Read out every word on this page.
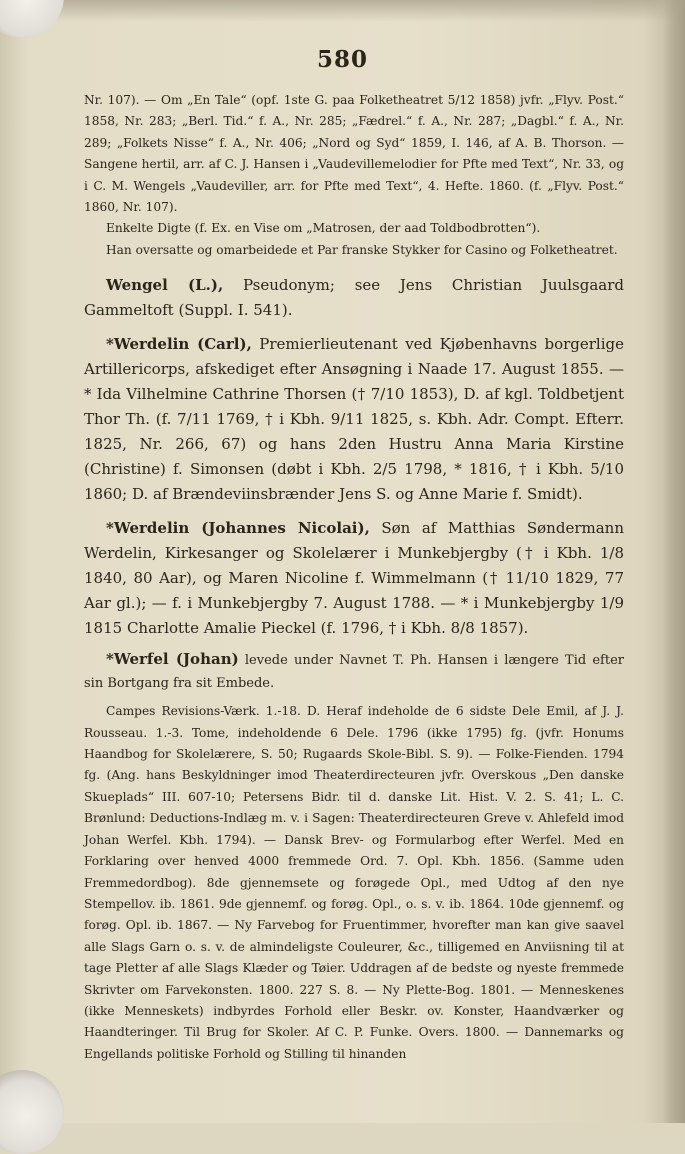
580

Nr. 107). — Om „En Tale“ (opf. 1ste G. paa Folketheatret 5/12 1858) jvfr. „Flyv. Post.“ 1858, Nr. 283; „Berl. Tid.“ f. A., Nr. 285; „Fædrel.“ f. A., Nr. 287; „Dagbl.“ f. A., Nr. 289; „Folkets Nisse“ f. A., Nr. 406; „Nord og Syd“ 1859, I. 146, af A. B. Thorson. — Sangene hertil, arr. af C. J. Hansen i „Vaudevillemelodier for Pfte med Text“, Nr. 33, og i C. M. Wengels „Vaudeviller, arr. for Pfte med Text“, 4. Hefte. 1860. (f. „Flyv. Post.“ 1860, Nr. 107).

Enkelte Digte (f. Ex. en Vise om „Matrosen, der aad Toldbodbrotten“).

Han oversatte og omarbeidede et Par franske Stykker for Casino og Folketheatret.

Wengel (L.), Pseudonym; see Jens Christian Juulsgaard Gammeltoft (Suppl. I. 541).

*Werdelin (Carl), Premierlieutenant ved Kjøbenhavns borgerlige Artillericorps, afskediget efter Ansøgning i Naade 17. August 1855. — * Ida Vilhelmine Cathrine Thorsen († 7/10 1853), D. af kgl. Toldbetjent Thor Th. (f. 7/11 1769, † i Kbh. 9/11 1825, s. Kbh. Adr. Compt. Efterr. 1825, Nr. 266, 67) og hans 2den Hustru Anna Maria Kirstine (Christine) f. Simonsen (døbt i Kbh. 2/5 1798, * 1816, † i Kbh. 5/10 1860; D. af Brændeviinsbrænder Jens S. og Anne Marie f. Smidt).

*Werdelin (Johannes Nicolai), Søn af Matthias Søndermann Werdelin, Kirkesanger og Skolelærer i Munkebjergby († i Kbh. 1/8 1840, 80 Aar), og Maren Nicoline f. Wimmelmann († 11/10 1829, 77 Aar gl.); — f. i Munkebjergby 7. August 1788. — * i Munkebjergby 1/9 1815 Charlotte Amalie Pieckel (f. 1796, † i Kbh. 8/8 1857).

*Werfel (Johan) levede under Navnet T. Ph. Hansen i længere Tid efter sin Bortgang fra sit Embede.

Campes Revisions-Værk. 1.-18. D. Heraf indeholde de 6 sidste Dele Emil, af J. J. Rousseau. 1.-3. Tome, indeholdende 6 Dele. 1796 (ikke 1795) fg. (jvfr. Honums Haandbog for Skolelærere, S. 50; Rugaards Skole-Bibl. S. 9). — Folke-Fienden. 1794 fg. (Ang. hans Beskyldninger imod Theaterdirecteuren jvfr. Overskous „Den danske Skueplads“ III. 607-10; Petersens Bidr. til d. danske Lit. Hist. V. 2. S. 41; L. C. Brønlund: Deductions-Indlæg m. v. i Sagen: Theaterdirecteuren Greve v. Ahlefeld imod Johan Werfel. Kbh. 1794). — Dansk Brev- og Formularbog efter Werfel. Med en Forklaring over henved 4000 fremmede Ord. 7. Opl. Kbh. 1856. (Samme uden Fremmedordbog). 8de gjennemsete og forøgede Opl., med Udtog af den nye Stempellov. ib. 1861. 9de gjennemf. og forøg. Opl., o. s. v. ib. 1864. 10de gjennemf. og forøg. Opl. ib. 1867. — Ny Farvebog for Fruentimmer, hvorefter man kan give saavel alle Slags Garn o. s. v. de almindeligste Couleurer, &c., tilligemed en Anviisning til at tage Pletter af alle Slags Klæder og Tøier. Uddragen af de bedste og nyeste fremmede Skrivter om Farvekonsten. 1800. 227 S. 8. — Ny Plette-Bog. 1801. — Menneskenes (ikke Menneskets) indbyrdes Forhold eller Beskr. ov. Konster, Haandværker og Haandteringer. Til Brug for Skoler. Af C. P. Funke. Overs. 1800. — Dannemarks og Engellands politiske Forhold og Stilling til hinanden
